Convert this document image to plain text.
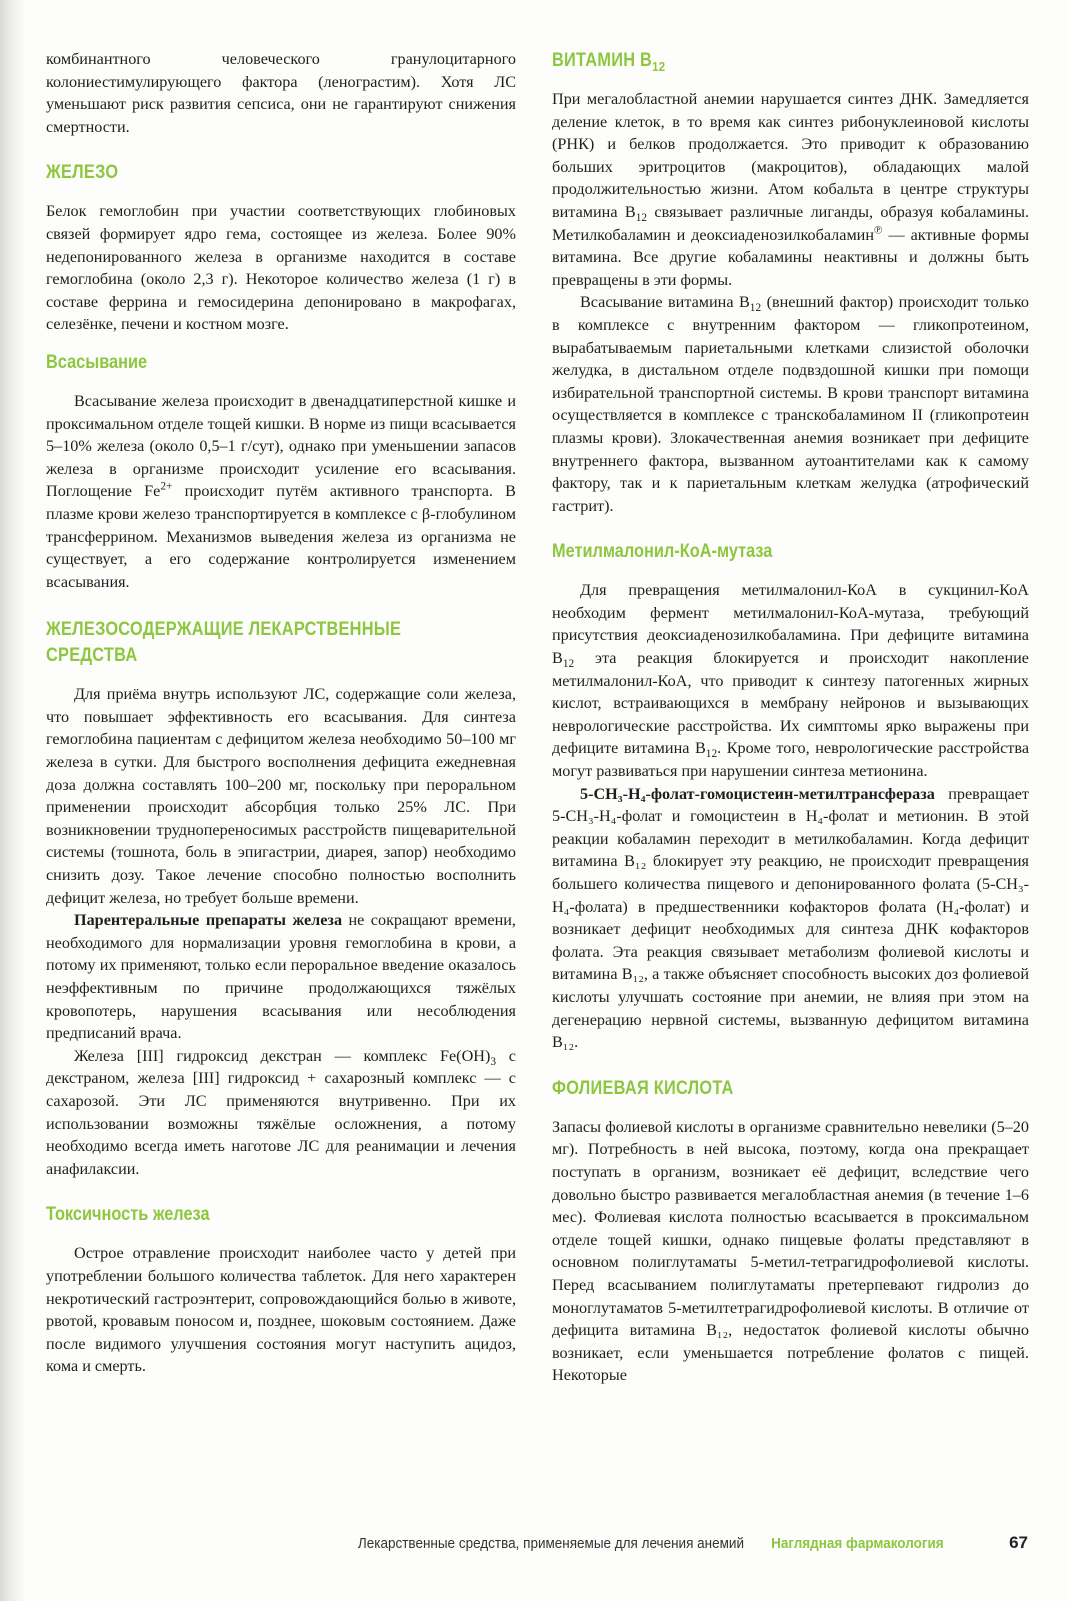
комбинантного человеческого гранулоцитарного колониестимулирующего фактора (ленограстим). Хотя ЛС уменьшают риск развития сепсиса, они не гарантируют снижения смертности.

ЖЕЛЕЗО

Белок гемоглобин при участии соответствующих глобиновых связей формирует ядро гема, состоящее из железа. Более 90% недепонированного железа в организме находится в составе гемоглобина (около 2,3 г). Некоторое количество железа (1 г) в составе феррина и гемосидерина депонировано в макрофагах, селезёнке, печени и костном мозге.

Всасывание

Всасывание железа происходит в двенадцатиперстной кишке и проксимальном отделе тощей кишки. В норме из пищи всасывается 5–10% железа (около 0,5–1 г/сут), однако при уменьшении запасов железа в организме происходит усиление его всасывания. Поглощение $Fe^{2+}$ происходит путём активного транспорта. В плазме крови железо транспортируется в комплексе с β-глобулином трансферрином. Механизмов выведения железа из организма не существует, а его содержание контролируется изменением всасывания.

ЖЕЛЕЗОСОДЕРЖАЩИЕ ЛЕКАРСТВЕННЫЕ
СРЕДСТВА

Для приёма внутрь используют ЛС, содержащие соли железа, что повышает эффективность его всасывания. Для синтеза гемоглобина пациентам с дефицитом железа необходимо 50–100 мг железа в сутки. Для быстрого восполнения дефицита ежедневная доза должна составлять 100–200 мг, поскольку при пероральном применении происходит абсорбция только 25% ЛС. При возникновении труднопереносимых расстройств пищеварительной системы (тошнота, боль в эпигастрии, диарея, запор) необходимо снизить дозу. Такое лечение способно полностью восполнить дефицит железа, но требует больше времени.

Парентеральные препараты железа не сокращают времени, необходимого для нормализации уровня гемоглобина в крови, а потому их применяют, только если пероральное введение оказалось неэффективным по причине продолжающихся тяжёлых кровопотерь, нарушения всасывания или несоблюдения предписаний врача.

Железа [III] гидроксид декстран — комплекс $Fe(OH)_3$ с декстраном, железа [III] гидроксид + сахарозный комплекс — с сахарозой. Эти ЛС применяются внутривенно. При их использовании возможны тяжёлые осложнения, а потому необходимо всегда иметь наготове ЛС для реанимации и лечения анафилаксии.

Токсичность железа

Острое отравление происходит наиболее часто у детей при употреблении большого количества таблеток. Для него характерен некротический гастроэнтерит, сопровождающийся болью в животе, рвотой, кровавым поносом и, позднее, шоковым состоянием. Даже после видимого улучшения состояния могут наступить ацидоз, кома и смерть.

ВИТАМИН $B_{12}$

При мегалобластной анемии нарушается синтез ДНК. Замедляется деление клеток, в то время как синтез рибонуклеиновой кислоты (РНК) и белков продолжается. Это приводит к образованию больших эритроцитов (макроцитов), обладающих малой продолжительностью жизни. Атом кобальта в центре структуры витамина $B_{12}$ связывает различные лиганды, образуя кобаламины. Метилкобаламин и деоксиаденозилкобаламин℗ — активные формы витамина. Все другие кобаламины неактивны и должны быть превращены в эти формы.

Всасывание витамина $B_{12}$ (внешний фактор) происходит только в комплексе с внутренним фактором — гликопротеином, вырабатываемым париетальными клетками слизистой оболочки желудка, в дистальном отделе подвздошной кишки при помощи избирательной транспортной системы. В крови транспорт витамина осуществляется в комплексе с транскобаламином II (гликопротеин плазмы крови). Злокачественная анемия возникает при дефиците внутреннего фактора, вызванном аутоантителами как к самому фактору, так и к париетальным клеткам желудка (атрофический гастрит).

Метилмалонил-КоА-мутаза

Для превращения метилмалонил-КоА в сукцинил-КоА необходим фермент метилмалонил-КоА-мутаза, требующий присутствия деоксиаденозилкобаламина. При дефиците витамина $B_{12}$ эта реакция блокируется и происходит накопление метилмалонил-КоА, что приводит к синтезу патогенных жирных кислот, встраивающихся в мембрану нейронов и вызывающих неврологические расстройства. Их симптомы ярко выражены при дефиците витамина $B_{12}$. Кроме того, неврологические расстройства могут развиваться при нарушении синтеза метионина.

5-CH₃-H₄-фолат-гомоцистеин-метилтрансфераза превращает 5-CH₃-H₄-фолат и гомоцистеин в H₄-фолат и метионин. В этой реакции кобаламин переходит в метилкобаламин. Когда дефицит витамина B₁₂ блокирует эту реакцию, не происходит превращения большего количества пищевого и депонированного фолата (5-CH₃-H₄-фолата) в предшественники кофакторов фолата (H₄-фолат) и возникает дефицит необходимых для синтеза ДНК кофакторов фолата. Эта реакция связывает метаболизм фолиевой кислоты и витамина B₁₂, а также объясняет способность высоких доз фолиевой кислоты улучшать состояние при анемии, не влияя при этом на дегенерацию нервной системы, вызванную дефицитом витамина B₁₂.

ФОЛИЕВАЯ КИСЛОТА

Запасы фолиевой кислоты в организме сравнительно невелики (5–20 мг). Потребность в ней высока, поэтому, когда она прекращает поступать в организм, возникает её дефицит, вследствие чего довольно быстро развивается мегалобластная анемия (в течение 1–6 мес). Фолиевая кислота полностью всасывается в проксимальном отделе тощей кишки, однако пищевые фолаты представляют в основном полиглутаматы 5-метил-тетрагидрофолиевой кислоты. Перед всасыванием полиглутаматы претерпевают гидролиз до моноглутаматов 5-метилтетрагидрофолиевой кислоты. В отличие от дефицита витамина B₁₂, недостаток фолиевой кислоты обычно возникает, если уменьшается потребление фолатов с пищей. Некоторые

Лекарственные средства, применяемые для лечения анемий Наглядная фармакология	67
